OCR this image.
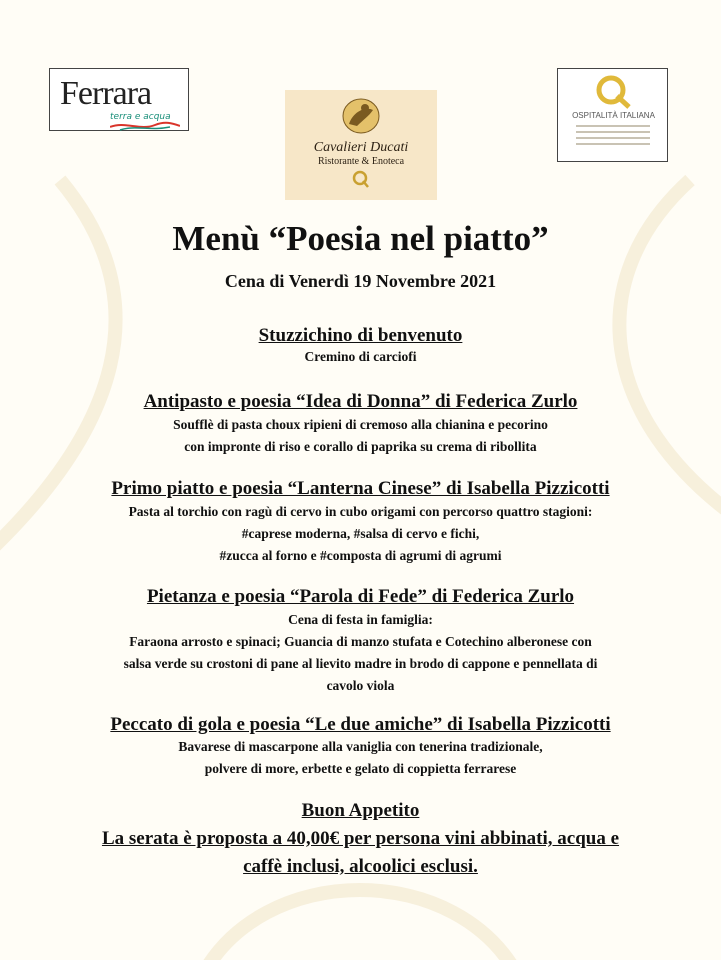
Ferrara
terra e acqua
Cavalieri Ducati
Ristorante & Enoteca
OSPITALITÀ ITALIANA
Menù “Poesia nel piatto”
Cena di Venerdì 19 Novembre 2021
Stuzzichino di benvenuto
Cremino di carciofi
Antipasto e poesia “Idea di Donna” di Federica Zurlo
Soufflè di pasta choux ripieni di cremoso alla chianina e pecorino
con impronte di riso e corallo di paprika su crema di ribollita
Primo piatto e poesia “Lanterna Cinese” di Isabella Pizzicotti
Pasta al torchio con ragù di cervo in cubo origami con percorso quattro stagioni:
#caprese moderna, #salsa di cervo e fichi,
#zucca al forno e #composta di agrumi di agrumi
Pietanza e poesia “Parola di Fede” di Federica Zurlo
Cena di festa in famiglia:
Faraona arrosto e spinaci; Guancia di manzo stufata e Cotechino alberonese con
salsa verde su crostoni di pane al lievito madre in brodo di cappone e pennellata di
cavolo viola
Peccato di gola e poesia “Le due amiche” di Isabella Pizzicotti
Bavarese di mascarpone alla vaniglia con tenerina tradizionale,
polvere di more, erbette e gelato di coppietta ferrarese
Buon Appetito
La serata è proposta a 40,00€ per persona vini abbinati, acqua e
caffè inclusi, alcoolici esclusi.
